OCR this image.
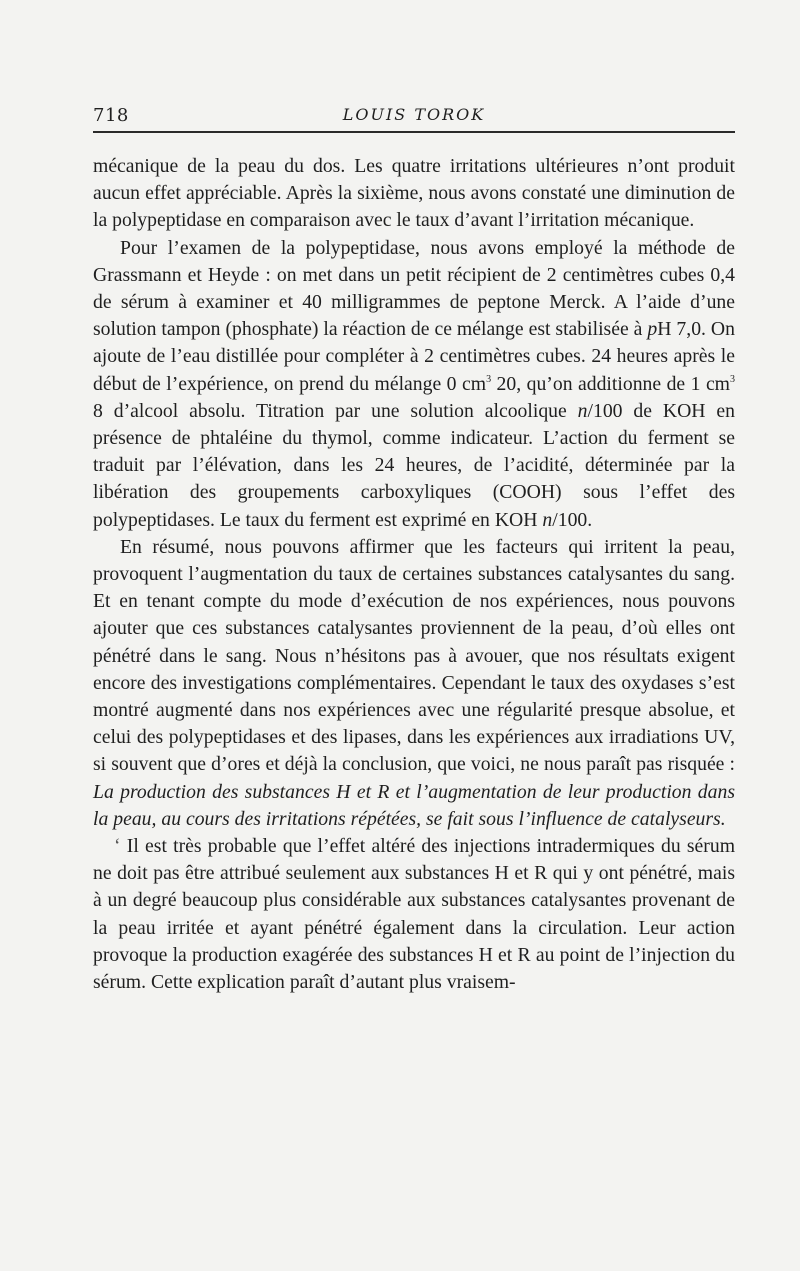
718	LOUIS TOROK

mécanique de la peau du dos. Les quatre irritations ultérieures n’ont produit aucun effet appréciable. Après la sixième, nous avons constaté une diminution de la polypeptidase en comparaison avec le taux d’avant l’irritation mécanique.

Pour l’examen de la polypeptidase, nous avons employé la méthode de Grassmann et Heyde : on met dans un petit récipient de 2 centimètres cubes 0,4 de sérum à examiner et 40 milligrammes de peptone Merck. A l’aide d’une solution tampon (phosphate) la réaction de ce mélange est stabilisée à pH 7,0. On ajoute de l’eau distillée pour compléter à 2 centimètres cubes. 24 heures après le début de l’expérience, on prend du mélange 0 $cm^3$ 20, qu’on additionne de 1 $cm^3$ 8 d’alcool absolu. Titration par une solution alcoolique n/100 de KOH en présence de phtaléine du thymol, comme indicateur. L’action du ferment se traduit par l’élévation, dans les 24 heures, de l’acidité, déterminée par la libération des groupements carboxyliques (COOH) sous l’effet des polypeptidases. Le taux du ferment est exprimé en KOH n/100.

En résumé, nous pouvons affirmer que les facteurs qui irritent la peau, provoquent l’augmentation du taux de certaines substances catalysantes du sang. Et en tenant compte du mode d’exécution de nos expériences, nous pouvons ajouter que ces substances catalysantes proviennent de la peau, d’où elles ont pénétré dans le sang. Nous n’hésitons pas à avouer, que nos résultats exigent encore des investigations complémentaires. Cependant le taux des oxydases s’est montré augmenté dans nos expériences avec une régularité presque absolue, et celui des polypeptidases et des lipases, dans les expériences aux irradiations UV, si souvent que d’ores et déjà la conclusion, que voici, ne nous paraît pas risquée : La production des substances H et R et l’augmentation de leur production dans la peau, au cours des irritations répétées, se fait sous l’influence de catalyseurs.

‘ Il est très probable que l’effet altéré des injections intradermiques du sérum ne doit pas être attribué seulement aux substances H et R qui y ont pénétré, mais à un degré beaucoup plus considérable aux substances catalysantes provenant de la peau irritée et ayant pénétré également dans la circulation. Leur action provoque la production exagérée des substances H et R au point de l’injection du sérum. Cette explication paraît d’autant plus vraisem-
